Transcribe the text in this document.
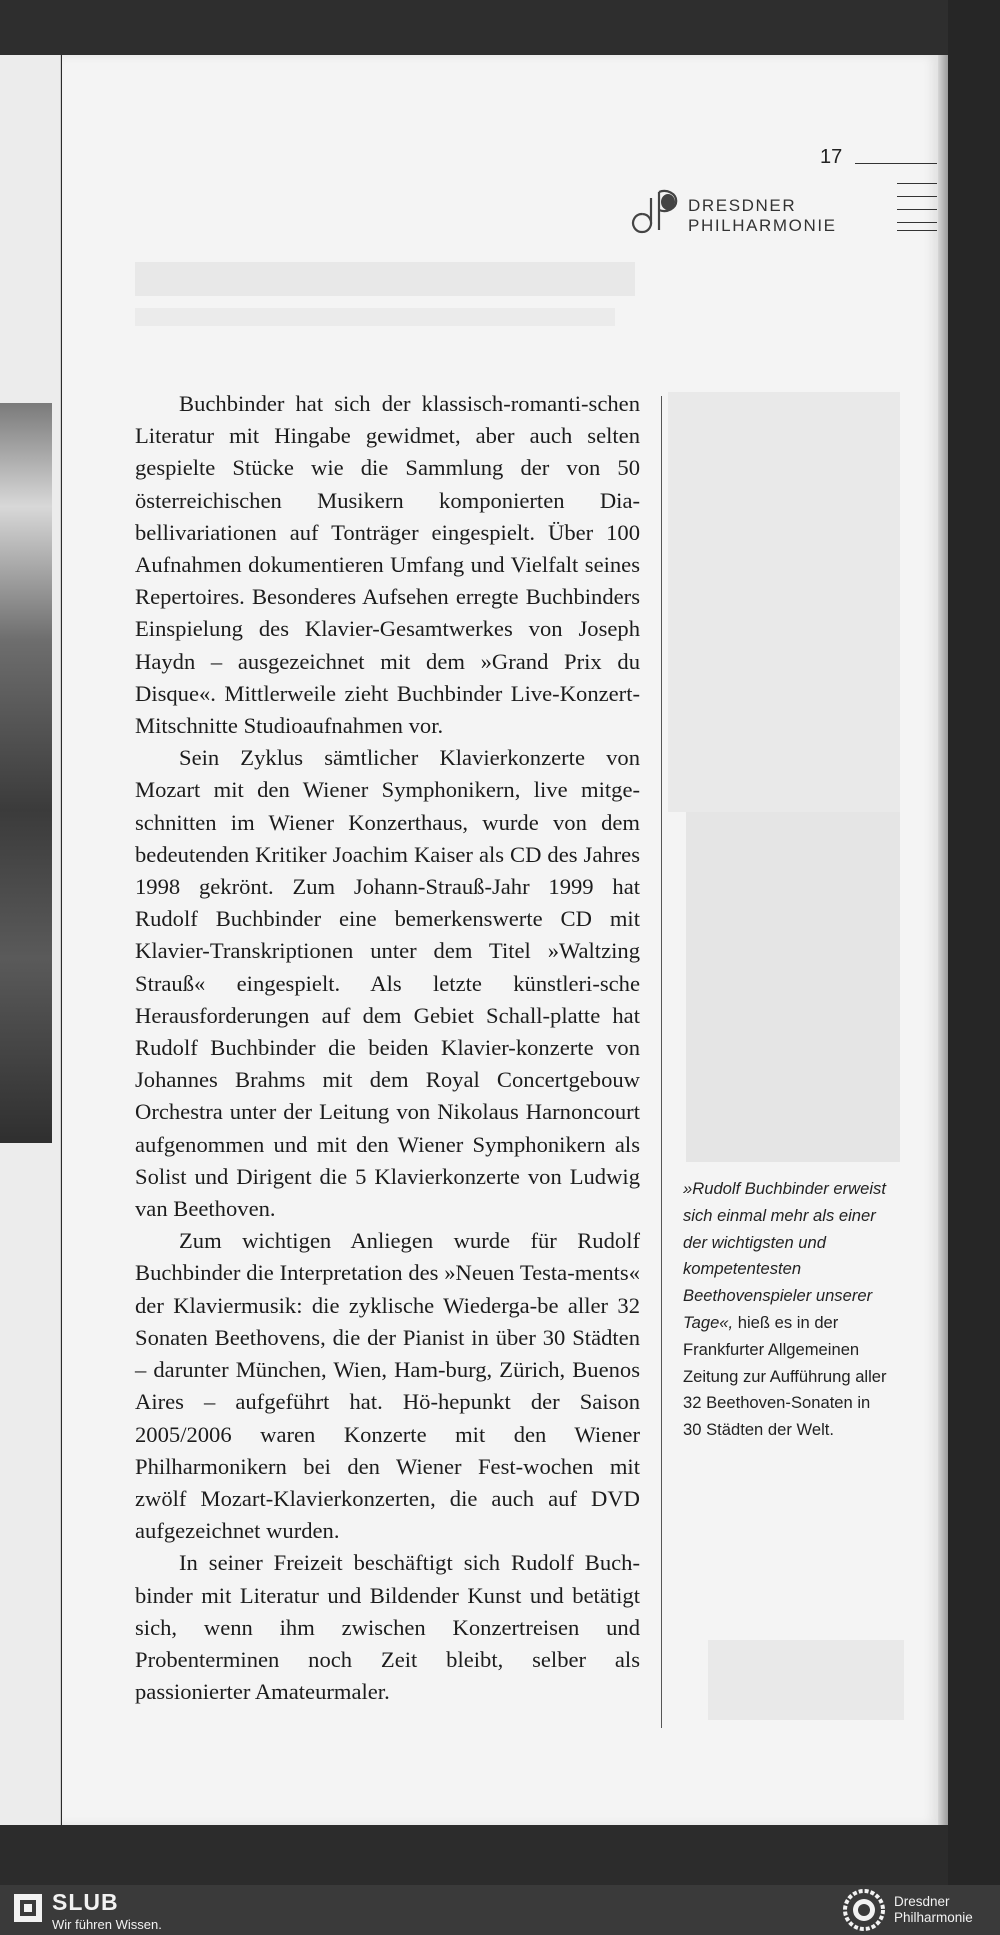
17
DRESDNER
PHILHARMONIE

Buchbinder hat sich der klassisch-romanti-schen Literatur mit Hingabe gewidmet, aber auch selten gespielte Stücke wie die Sammlung der von 50 österreichischen Musikern komponierten Dia-bellivariationen auf Tonträger eingespielt. Über 100 Aufnahmen dokumentieren Umfang und Vielfalt seines Repertoires. Besonderes Aufsehen erregte Buchbinders Einspielung des Klavier-Gesamtwerkes von Joseph Haydn – ausgezeichnet mit dem »Grand Prix du Disque«. Mittlerweile zieht Buchbinder Live-Konzert-Mitschnitte Studioaufnahmen vor.

Sein Zyklus sämtlicher Klavierkonzerte von Mozart mit den Wiener Symphonikern, live mitge-schnitten im Wiener Konzerthaus, wurde von dem bedeutenden Kritiker Joachim Kaiser als CD des Jahres 1998 gekrönt. Zum Johann-Strauß-Jahr 1999 hat Rudolf Buchbinder eine bemerkenswerte CD mit Klavier-Transkriptionen unter dem Titel »Waltzing Strauß« eingespielt. Als letzte künstleri-sche Herausforderungen auf dem Gebiet Schall-platte hat Rudolf Buchbinder die beiden Klavier-konzerte von Johannes Brahms mit dem Royal Concertgebouw Orchestra unter der Leitung von Nikolaus Harnoncourt aufgenommen und mit den Wiener Symphonikern als Solist und Dirigent die 5 Klavierkonzerte von Ludwig van Beethoven.

Zum wichtigen Anliegen wurde für Rudolf Buchbinder die Interpretation des »Neuen Testa-ments« der Klaviermusik: die zyklische Wiederga-be aller 32 Sonaten Beethovens, die der Pianist in über 30 Städten – darunter München, Wien, Ham-burg, Zürich, Buenos Aires – aufgeführt hat. Hö-hepunkt der Saison 2005/2006 waren Konzerte mit den Wiener Philharmonikern bei den Wiener Fest-wochen mit zwölf Mozart-Klavierkonzerten, die auch auf DVD aufgezeichnet wurden.

In seiner Freizeit beschäftigt sich Rudolf Buch-binder mit Literatur und Bildender Kunst und betätigt sich, wenn ihm zwischen Konzertreisen und Probenterminen noch Zeit bleibt, selber als passionierter Amateurmaler.

»Rudolf Buchbinder erweist sich einmal mehr als einer der wichtigsten und kompetentesten Beethovenspieler unserer Tage«, hieß es in der Frankfurter Allgemeinen Zeitung zur Aufführung aller 32 Beethoven-Sonaten in 30 Städten der Welt.
SLUB
Wir führen Wissen.
Dresdner
Philharmonie
